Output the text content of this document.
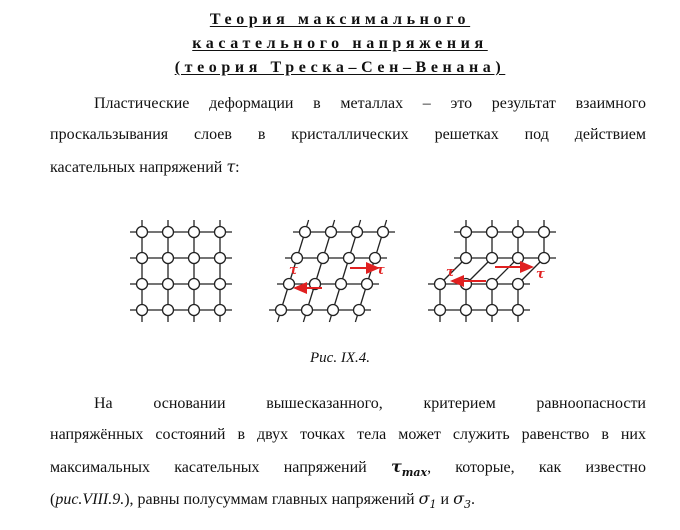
Теория максимального
касательного напряжения
(теория Треска–Сен–Венана)
Пластические деформации в металлах – это результат взаимного
проскальзывания слоев в кристаллических решетках под действием
касательных напряжений τ:
τ
τ	τ
τ
Рис. IX.4.
На основании вышесказанного, критерием равноопасности
напряжённых состояний в двух точках тела может служить равенство в них
максимальных касательных напряжений $\tau_{max}$, которые, как известно
(рис.VIII.9.), равны полусуммам главных напряжений $\sigma_1$ и $\sigma_3$.
